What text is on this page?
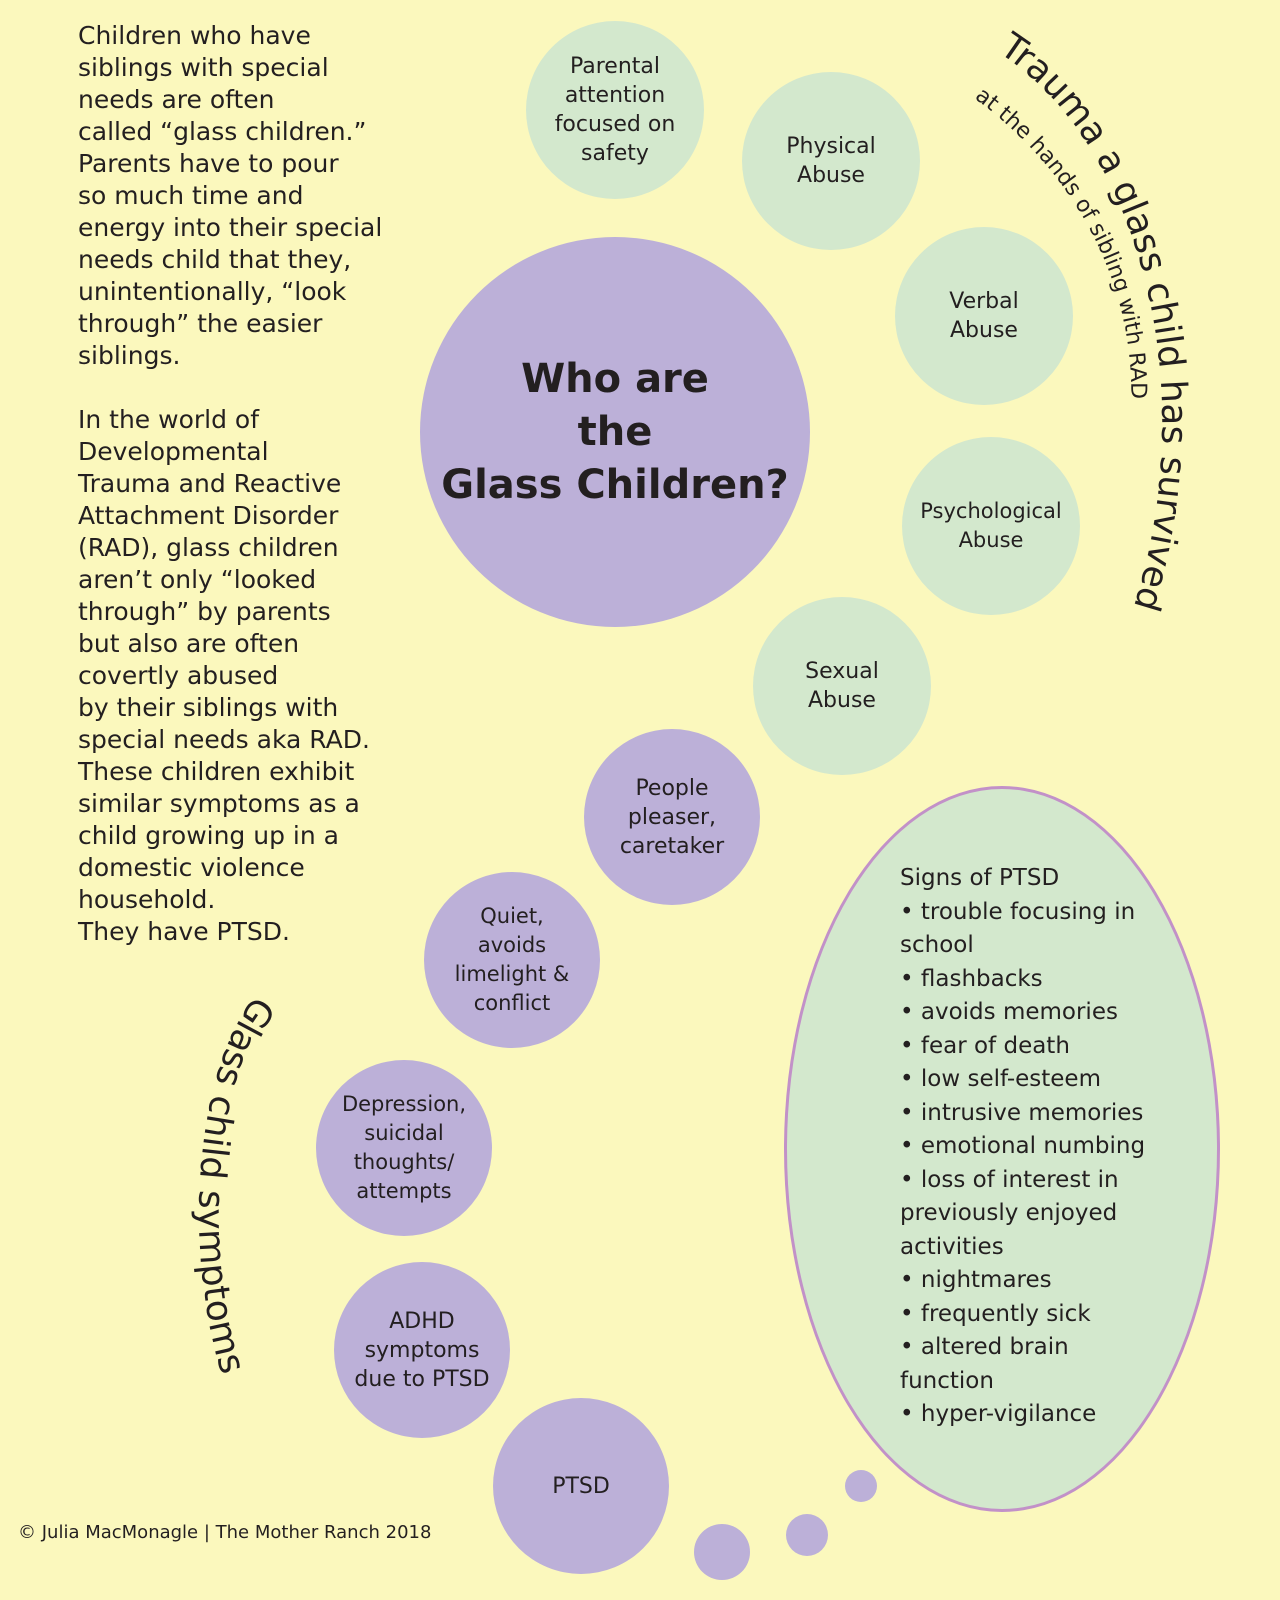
Children who have
siblings with special
needs are often
called “glass children.”
Parents have to pour
so much time and
energy into their special
needs child that they,
unintentionally, “look
through” the easier
siblings.

In the world of
Developmental
Trauma and Reactive
Attachment Disorder
(RAD), glass children
aren’t only “looked
through” by parents
but also are often
covertly abused
by their siblings with
special needs aka RAD.
These children exhibit
similar symptoms as a
child growing up in a
domestic violence
household.
They have PTSD.

Who are
the
Glass Children?
Parental
attention
focused on
safety	Physical
Abuse
Verbal
Abuse
Psychological
Abuse
Sexual
Abuse
People
pleaser,
caretaker
Quiet,
avoids
limelight &
conflict
Depression,
suicidal
thoughts/
attempts
ADHD
symptoms
due to PTSD
PTSD
Signs of PTSD
• trouble focusing in school
• flashbacks
• avoids memories
• fear of death
• low self-esteem
• intrusive memories
• emotional numbing
• loss of interest in previously enjoyed activities
• nightmares
• frequently sick
• altered brain function
• hyper-vigilance
Trauma a glass child has survived
at the hands of sibling with RAD
Glass child symptoms
© Julia MacMonagle | The Mother Ranch 2018
